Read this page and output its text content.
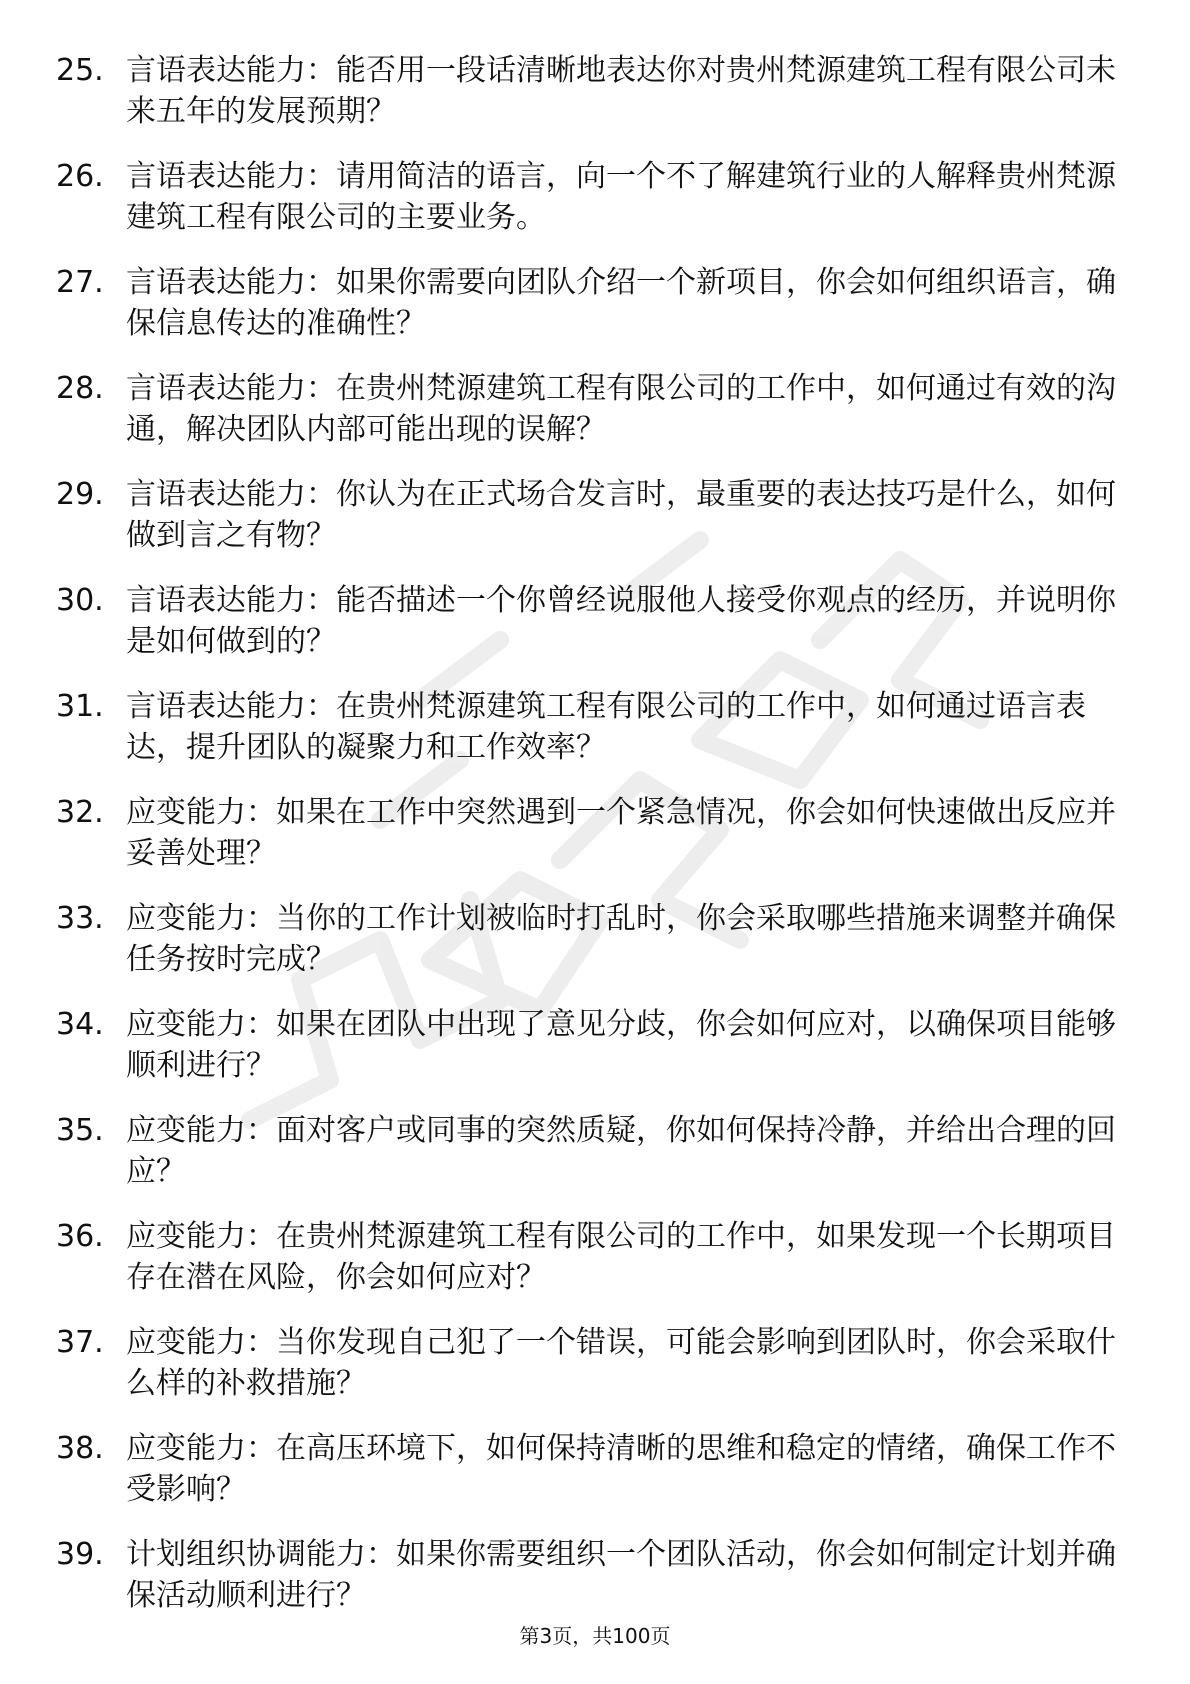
25. 言语表达能力：能否用一段话清晰地表达你对贵州梵源建筑工程有限公司未来五年的发展预期？
26. 言语表达能力：请用简洁的语言，向一个不了解建筑行业的人解释贵州梵源建筑工程有限公司的主要业务。
27. 言语表达能力：如果你需要向团队介绍一个新项目，你会如何组织语言，确保信息传达的准确性？
28. 言语表达能力：在贵州梵源建筑工程有限公司的工作中，如何通过有效的沟通，解决团队内部可能出现的误解？
29. 言语表达能力：你认为在正式场合发言时，最重要的表达技巧是什么，如何做到言之有物？
30. 言语表达能力：能否描述一个你曾经说服他人接受你观点的经历，并说明你是如何做到的？
31. 言语表达能力：在贵州梵源建筑工程有限公司的工作中，如何通过语言表达，提升团队的凝聚力和工作效率？
32. 应变能力：如果在工作中突然遇到一个紧急情况，你会如何快速做出反应并妥善处理？
33. 应变能力：当你的工作计划被临时打乱时，你会采取哪些措施来调整并确保任务按时完成？
34. 应变能力：如果在团队中出现了意见分歧，你会如何应对，以确保项目能够顺利进行？
35. 应变能力：面对客户或同事的突然质疑，你如何保持冷静，并给出合理的回应？
36. 应变能力：在贵州梵源建筑工程有限公司的工作中，如果发现一个长期项目存在潜在风险，你会如何应对？
37. 应变能力：当你发现自己犯了一个错误，可能会影响到团队时，你会采取什么样的补救措施？
38. 应变能力：在高压环境下，如何保持清晰的思维和稳定的情绪，确保工作不受影响？
39. 计划组织协调能力：如果你需要组织一个团队活动，你会如何制定计划并确保活动顺利进行？
第3页，共100页
